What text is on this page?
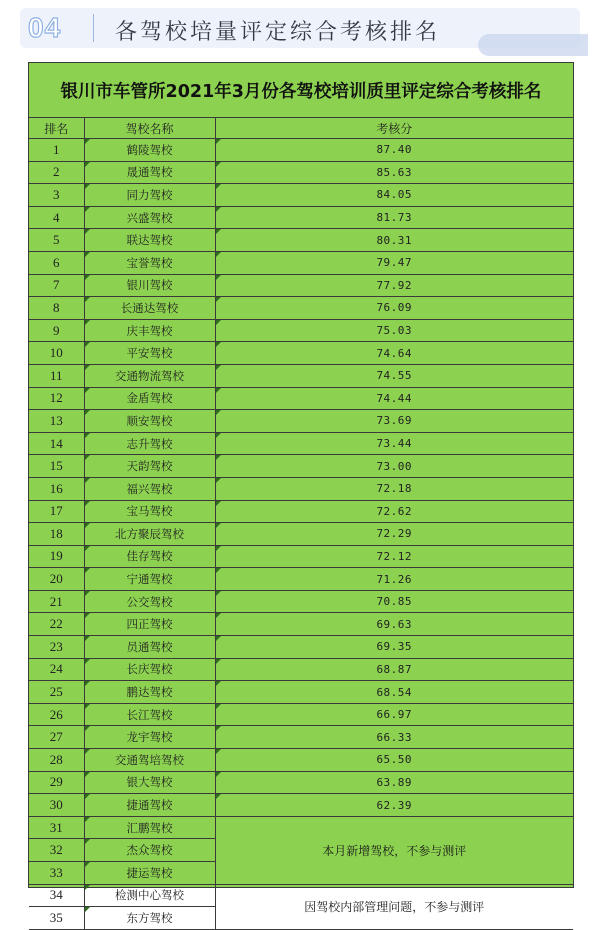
04 各驾校培量评定综合考核排名
银川市车管所2021年3月份各驾校培训质里评定综合考核排名
排名	驾校名称	考核分
1	鹤陵驾校	87.40
2	晟通驾校	85.63
3	同力驾校	84.05
4	兴盛驾校	81.73
5	联达驾校	80.31
6	宝誉驾校	79.47
7	银川驾校	77.92
8	长通达驾校	76.09
9	庆丰驾校	75.03
10	平安驾校	74.64
11	交通物流驾校	74.55
12	金盾驾校	74.44
13	顺安驾校	73.69
14	志升驾校	73.44
15	天韵驾校	73.00
16	福兴驾校	72.18
17	宝马驾校	72.62
18	北方聚辰驾校	72.29
19	佳存驾校	72.12
20	宁通驾校	71.26
21	公交驾校	70.85
22	四正驾校	69.63
23	员通驾校	69.35
24	长庆驾校	68.87
25	鹏达驾校	68.54
26	长江驾校	66.97
27	龙宇驾校	66.33
28	交通驾培驾校	65.50
29	银大驾校	63.89
30	捷通驾校	62.39
31	汇鹏驾校	本月新增驾校，不参与测评
32	杰众驾校	
33	捷运驾校	
34	检测中心驾校	因驾校内部管理问题，不参与测评
35	东方驾校	
